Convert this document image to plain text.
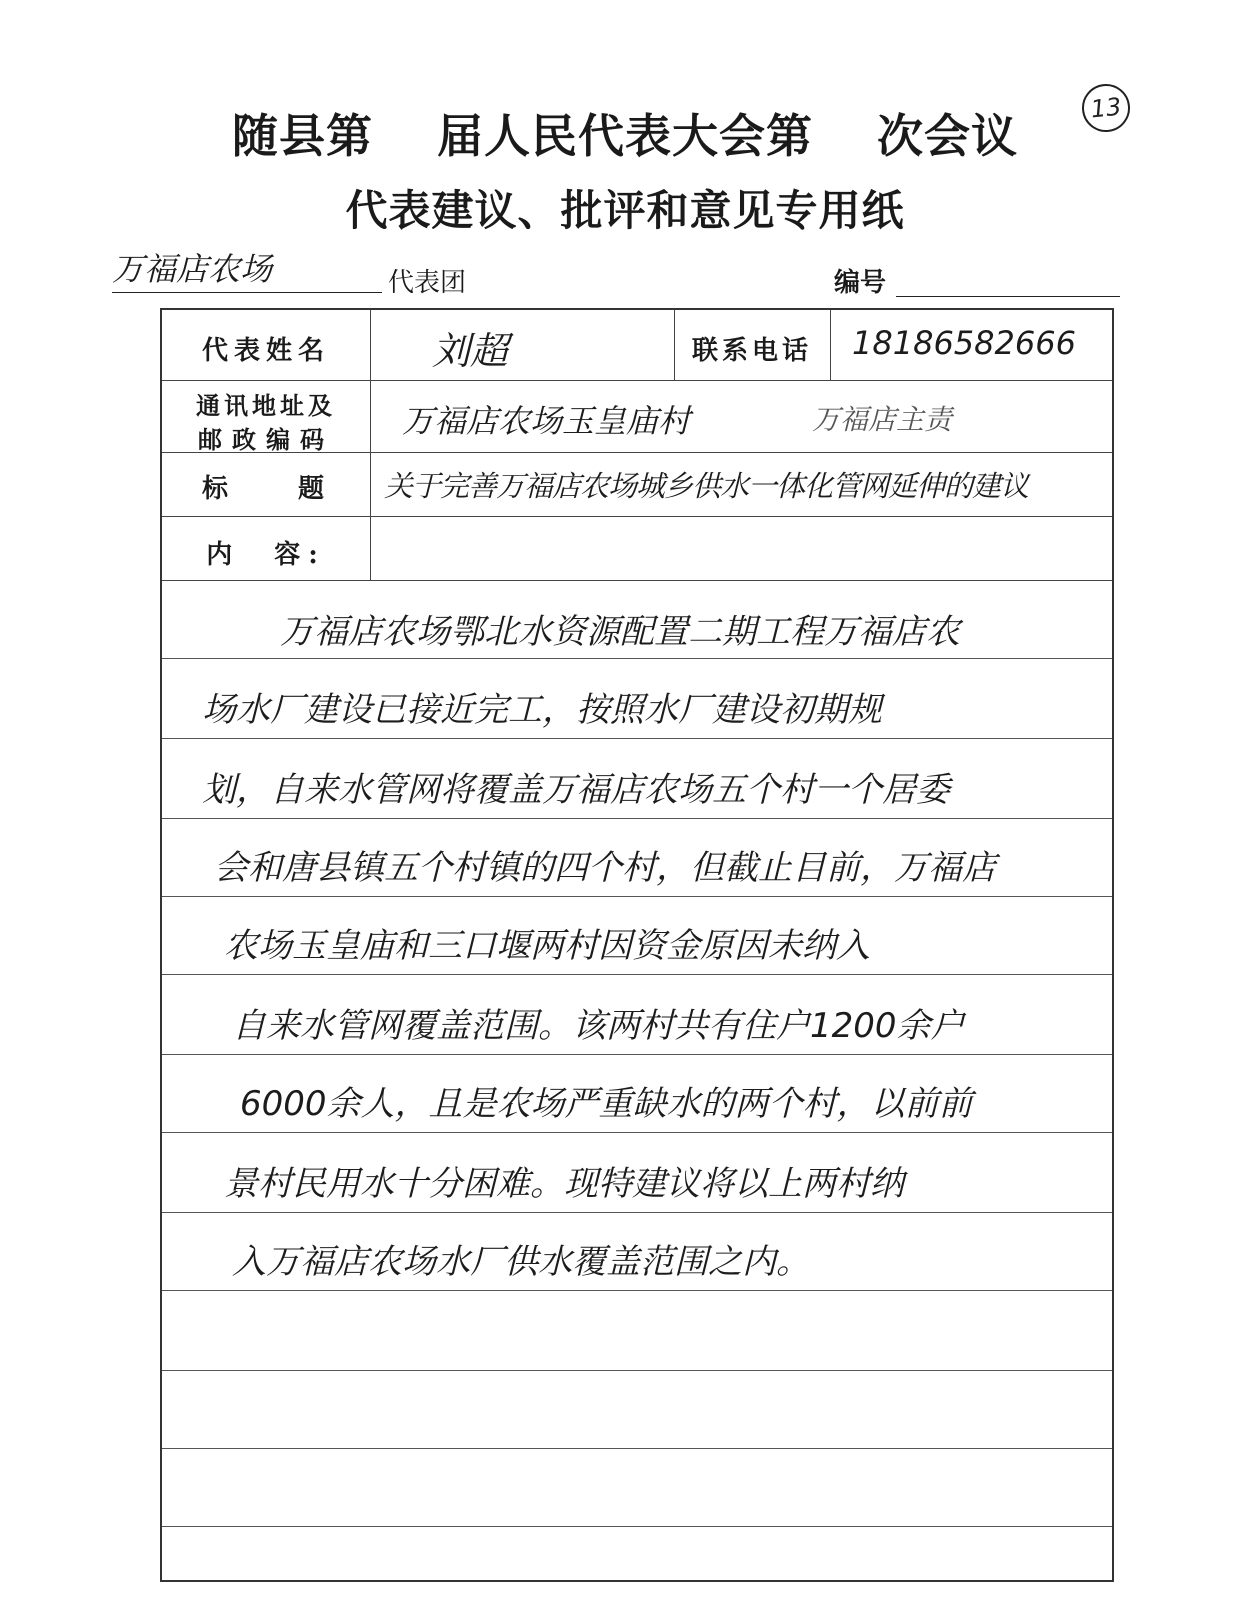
13
随县第 届人民代表大会第 次会议
代表建议、批评和意见专用纸
万福店农场	代表团	编号
代表姓名	刘超	联系电话	18186582666
通讯地址及
邮政编码	万福店农场玉皇庙村	万福店主责
标　　题	关于完善万福店农场城乡供水一体化管网延伸的建议
内　容:
万福店农场鄂北水资源配置二期工程万福店农
场水厂建设已接近完工，按照水厂建设初期规
划，自来水管网将覆盖万福店农场五个村一个居委
会和唐县镇五个村镇的四个村，但截止目前，万福店
农场玉皇庙和三口堰两村因资金原因未纳入
自来水管网覆盖范围。该两村共有住户1200余户
6000余人，且是农场严重缺水的两个村，以前前
景村民用水十分困难。现特建议将以上两村纳
入万福店农场水厂供水覆盖范围之内。
